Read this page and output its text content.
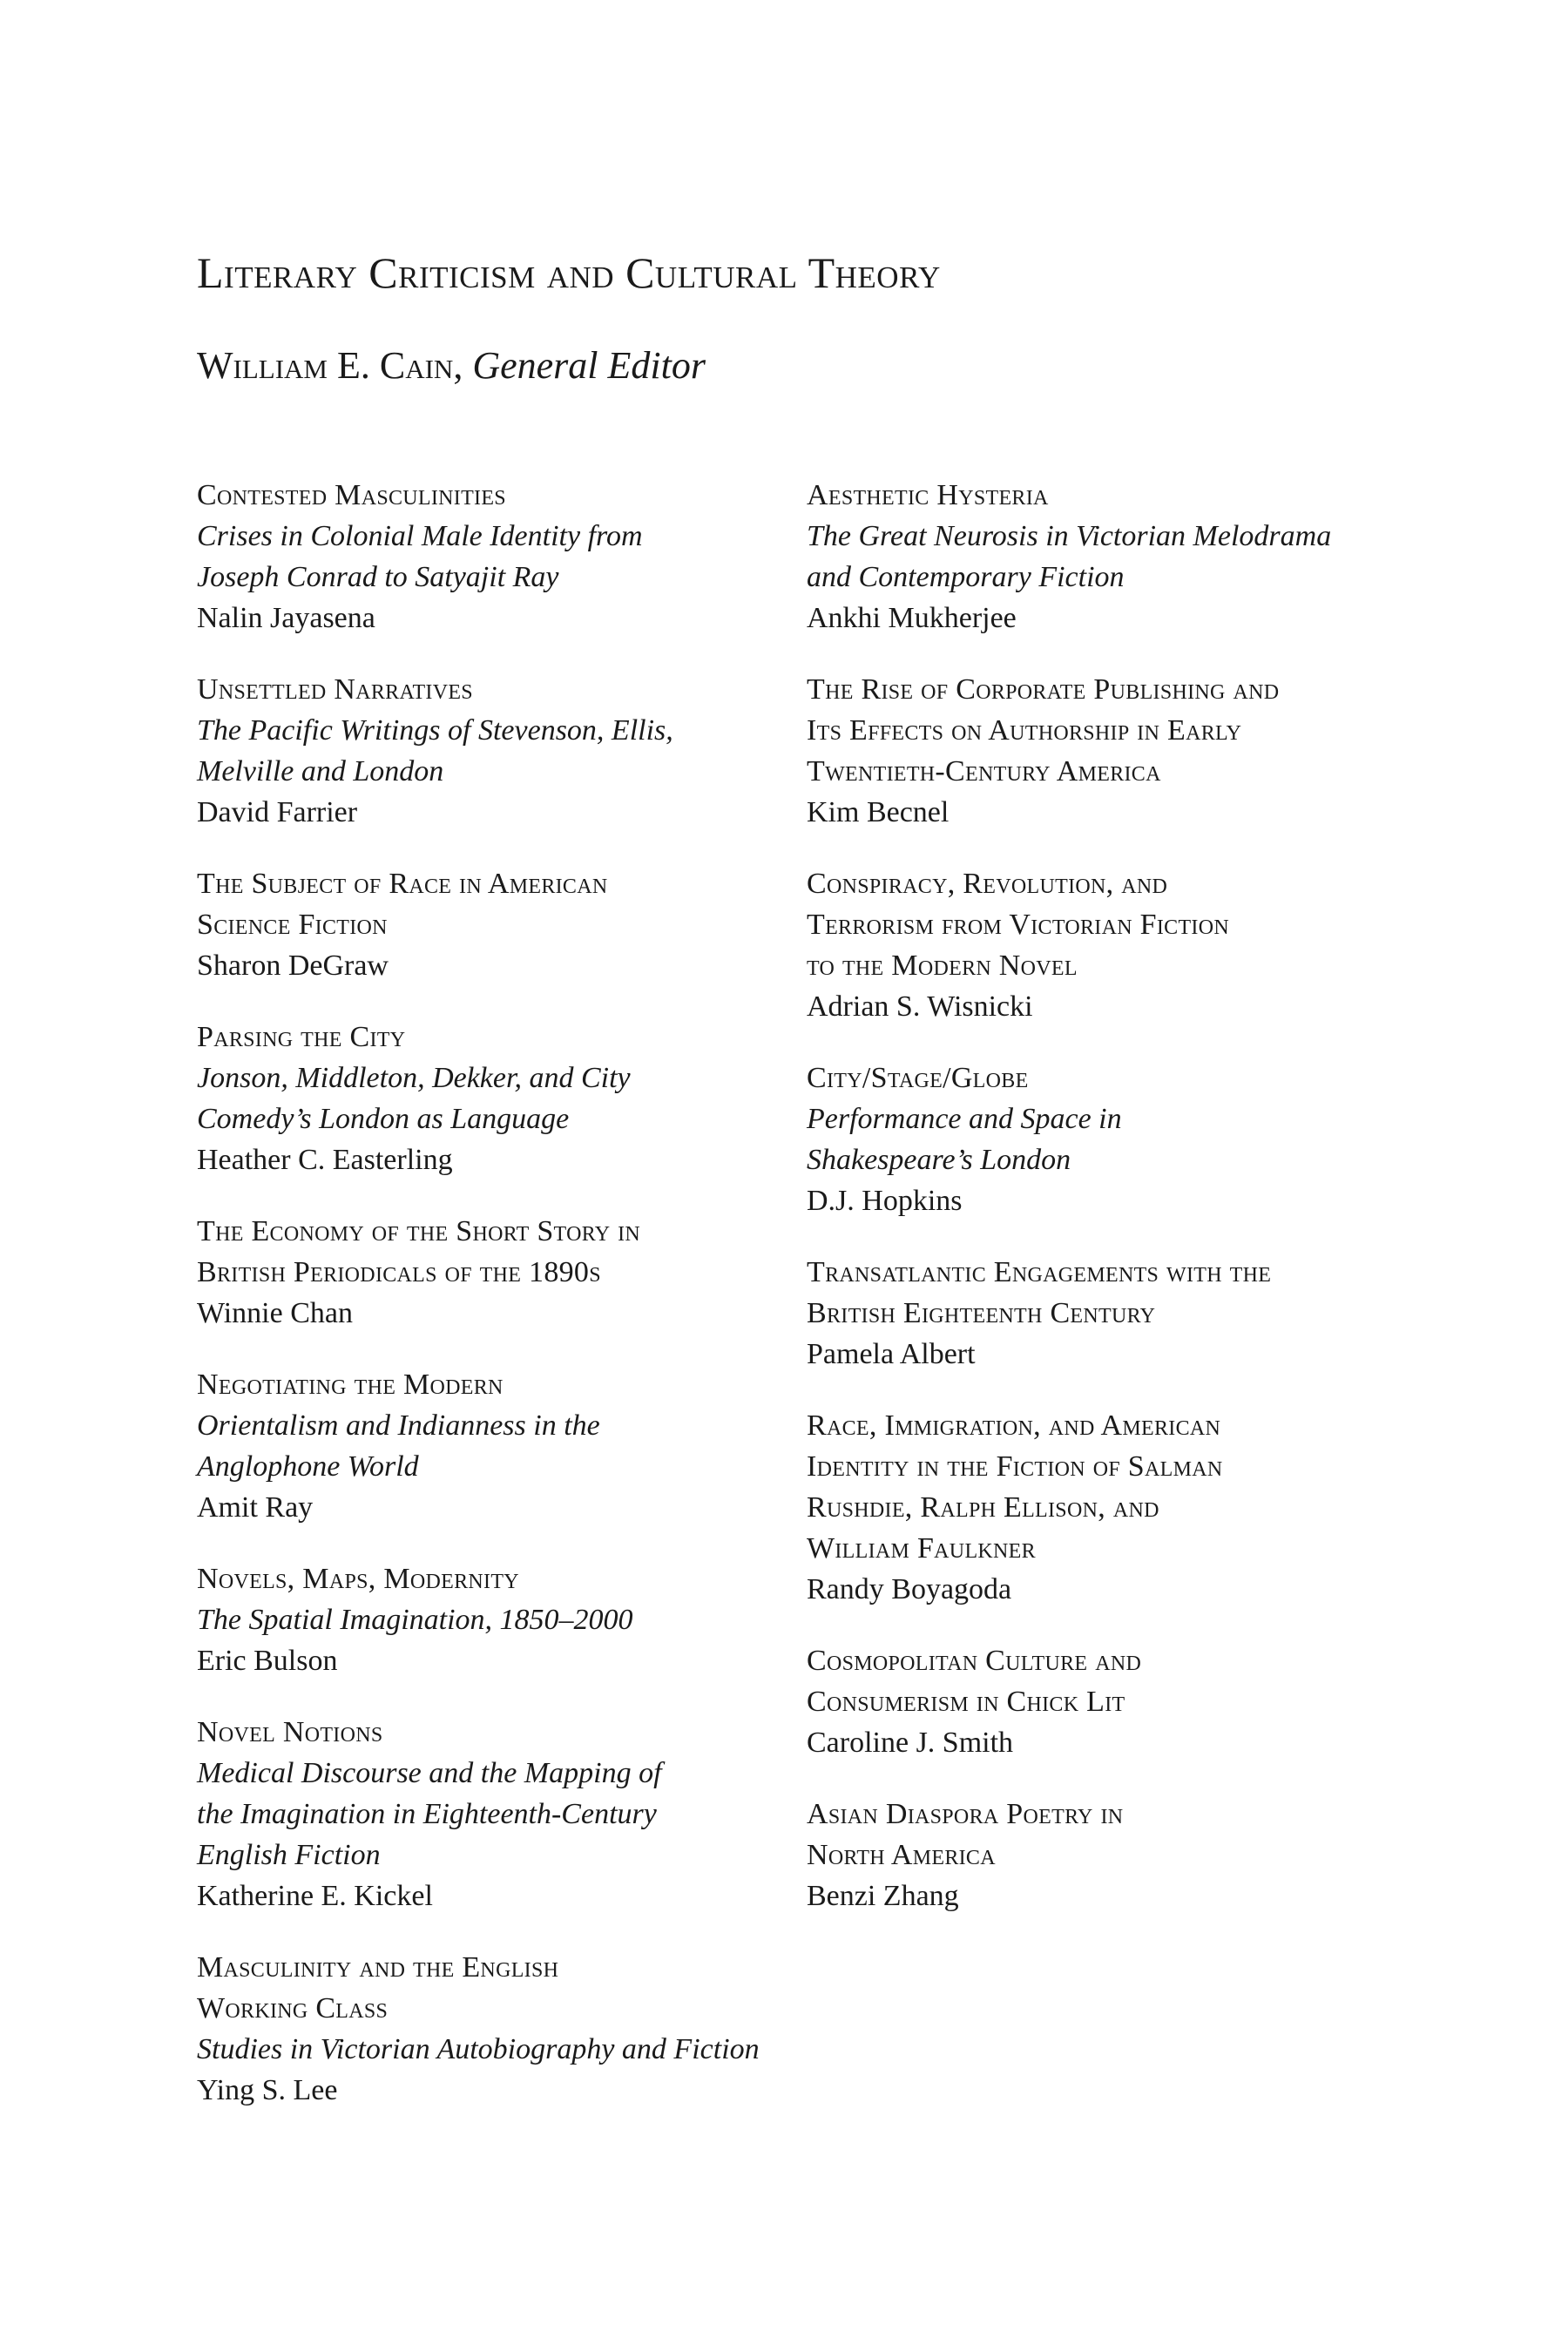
Literary Criticism and Cultural Theory

William E. Cain, General Editor

Contested Masculinities
Crises in Colonial Male Identity from
Joseph Conrad to Satyajit Ray
Nalin Jayasena
Unsettled Narratives
The Pacific Writings of Stevenson, Ellis,
Melville and London
David Farrier
The Subject of Race in American
Science Fiction
Sharon DeGraw
Parsing the City
Jonson, Middleton, Dekker, and City
Comedy’s London as Language
Heather C. Easterling
The Economy of the Short Story in
British Periodicals of the 1890s
Winnie Chan
Negotiating the Modern
Orientalism and Indianness in the
Anglophone World
Amit Ray
Novels, Maps, Modernity
The Spatial Imagination, 1850–2000
Eric Bulson
Novel Notions
Medical Discourse and the Mapping of
the Imagination in Eighteenth-Century
English Fiction
Katherine E. Kickel
Masculinity and the English
Working Class
Studies in Victorian Autobiography and Fiction
Ying S. Lee
Aesthetic Hysteria
The Great Neurosis in Victorian Melodrama
and Contemporary Fiction
Ankhi Mukherjee
The Rise of Corporate Publishing and
Its Effects on Authorship in Early
Twentieth-Century America
Kim Becnel
Conspiracy, Revolution, and
Terrorism from Victorian Fiction
to the Modern Novel
Adrian S. Wisnicki
City/Stage/Globe
Performance and Space in
Shakespeare’s London
D.J. Hopkins
Transatlantic Engagements with the
British Eighteenth Century
Pamela Albert
Race, Immigration, and American
Identity in the Fiction of Salman
Rushdie, Ralph Ellison, and
William Faulkner
Randy Boyagoda
Cosmopolitan Culture and
Consumerism in Chick Lit
Caroline J. Smith
Asian Diaspora Poetry in
North America
Benzi Zhang
